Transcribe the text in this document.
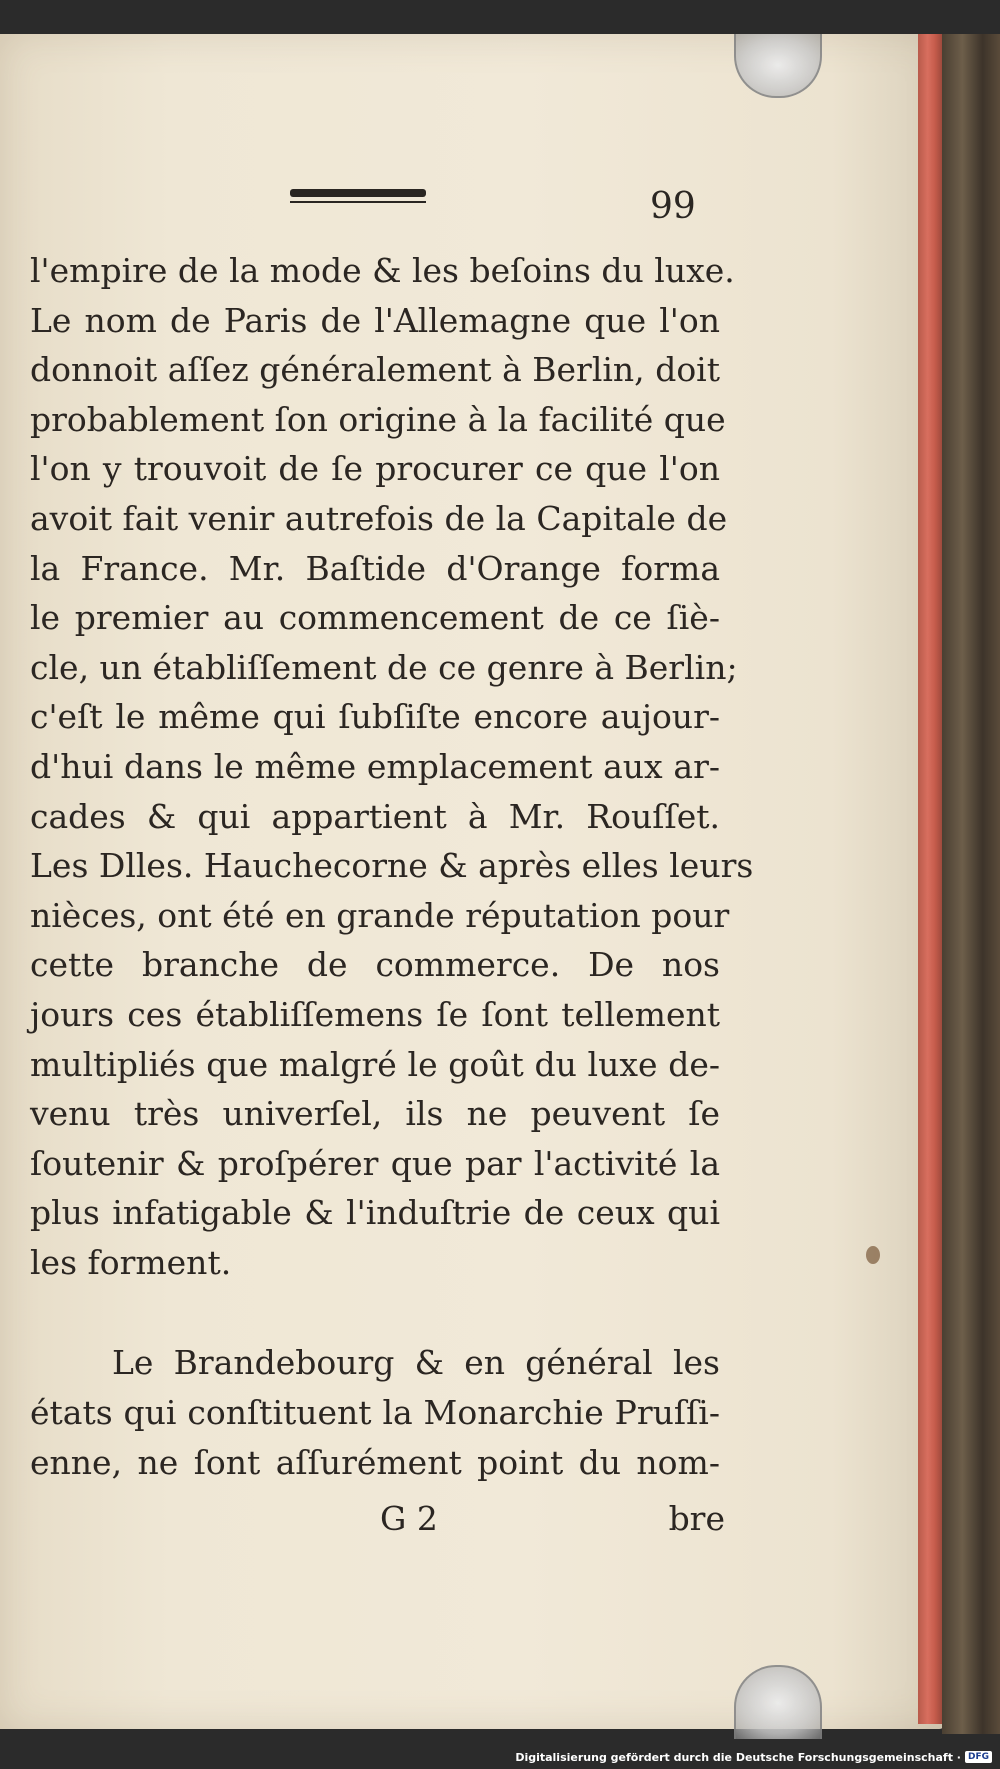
99
l'empire de la mode & les beſoins du luxe.
Le nom de Paris de l'Allemagne que l'on
donnoit aſſez généralement à Berlin, doit
probablement ſon origine à la facilité que
l'on y trouvoit de ſe procurer ce que l'on
avoit fait venir autrefois de la Capitale de
la France. Mr. Baſtide d'Orange forma
le premier au commencement de ce ſiè-
cle, un établiſſement de ce genre à Berlin;
c'eſt le même qui ſubſiſte encore aujour-
d'hui dans le même emplacement aux ar-
cades & qui appartient à Mr. Rouſſet.
Les Dlles. Hauchecorne & après elles leurs
nièces, ont été en grande réputation pour
cette branche de commerce. De nos
jours ces établiſſemens ſe ſont tellement
multipliés que malgré le goût du luxe de-
venu très univerſel, ils ne peuvent ſe
ſoutenir & proſpérer que par l'activité la
plus infatigable & l'induſtrie de ceux qui
les forment.
Le Brandebourg & en général les
états qui conſtituent la Monarchie Pruſſi-
enne, ne ſont aſſurément point du nom-
G 2	bre
Digitalisierung gefördert durch die Deutsche Forschungsgemeinschaft · DFG
